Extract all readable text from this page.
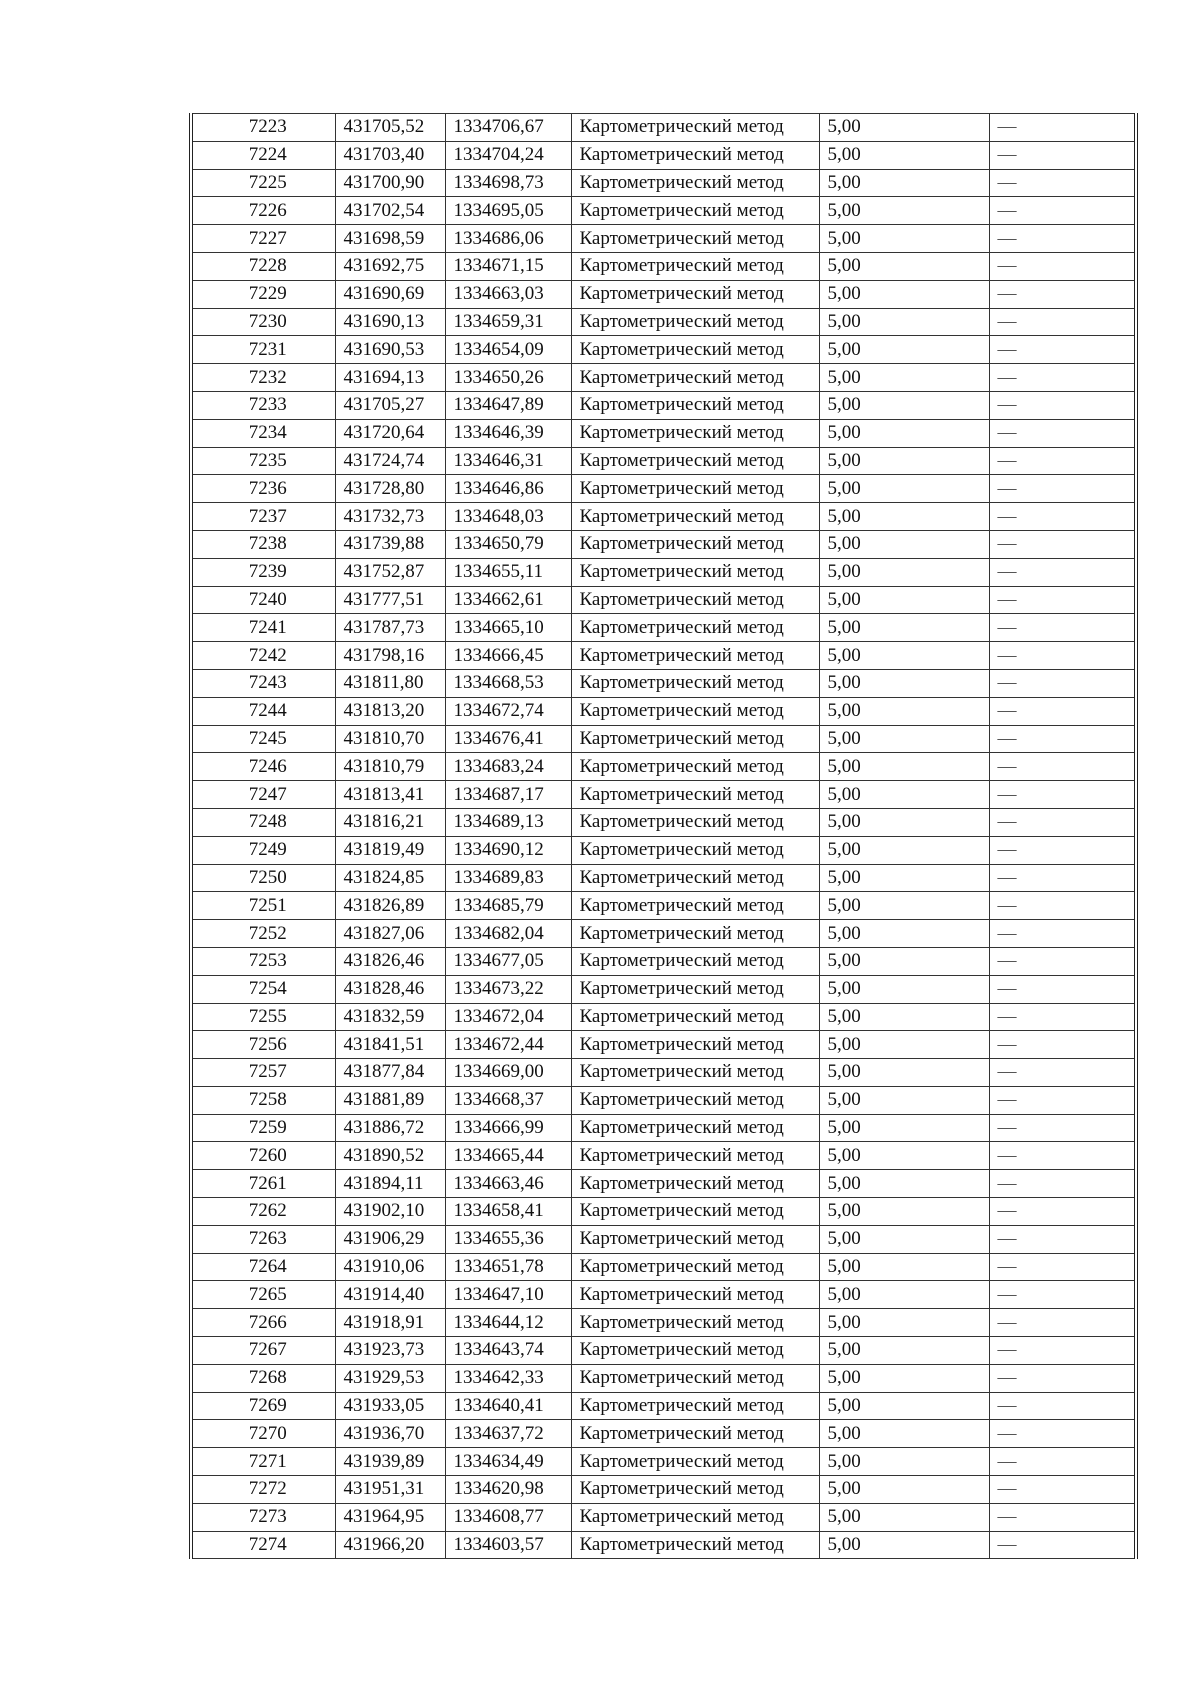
7223	431705,52	1334706,67	Картометрический метод	5,00	—
7224	431703,40	1334704,24	Картометрический метод	5,00	—
7225	431700,90	1334698,73	Картометрический метод	5,00	—
7226	431702,54	1334695,05	Картометрический метод	5,00	—
7227	431698,59	1334686,06	Картометрический метод	5,00	—
7228	431692,75	1334671,15	Картометрический метод	5,00	—
7229	431690,69	1334663,03	Картометрический метод	5,00	—
7230	431690,13	1334659,31	Картометрический метод	5,00	—
7231	431690,53	1334654,09	Картометрический метод	5,00	—
7232	431694,13	1334650,26	Картометрический метод	5,00	—
7233	431705,27	1334647,89	Картометрический метод	5,00	—
7234	431720,64	1334646,39	Картометрический метод	5,00	—
7235	431724,74	1334646,31	Картометрический метод	5,00	—
7236	431728,80	1334646,86	Картометрический метод	5,00	—
7237	431732,73	1334648,03	Картометрический метод	5,00	—
7238	431739,88	1334650,79	Картометрический метод	5,00	—
7239	431752,87	1334655,11	Картометрический метод	5,00	—
7240	431777,51	1334662,61	Картометрический метод	5,00	—
7241	431787,73	1334665,10	Картометрический метод	5,00	—
7242	431798,16	1334666,45	Картометрический метод	5,00	—
7243	431811,80	1334668,53	Картометрический метод	5,00	—
7244	431813,20	1334672,74	Картометрический метод	5,00	—
7245	431810,70	1334676,41	Картометрический метод	5,00	—
7246	431810,79	1334683,24	Картометрический метод	5,00	—
7247	431813,41	1334687,17	Картометрический метод	5,00	—
7248	431816,21	1334689,13	Картометрический метод	5,00	—
7249	431819,49	1334690,12	Картометрический метод	5,00	—
7250	431824,85	1334689,83	Картометрический метод	5,00	—
7251	431826,89	1334685,79	Картометрический метод	5,00	—
7252	431827,06	1334682,04	Картометрический метод	5,00	—
7253	431826,46	1334677,05	Картометрический метод	5,00	—
7254	431828,46	1334673,22	Картометрический метод	5,00	—
7255	431832,59	1334672,04	Картометрический метод	5,00	—
7256	431841,51	1334672,44	Картометрический метод	5,00	—
7257	431877,84	1334669,00	Картометрический метод	5,00	—
7258	431881,89	1334668,37	Картометрический метод	5,00	—
7259	431886,72	1334666,99	Картометрический метод	5,00	—
7260	431890,52	1334665,44	Картометрический метод	5,00	—
7261	431894,11	1334663,46	Картометрический метод	5,00	—
7262	431902,10	1334658,41	Картометрический метод	5,00	—
7263	431906,29	1334655,36	Картометрический метод	5,00	—
7264	431910,06	1334651,78	Картометрический метод	5,00	—
7265	431914,40	1334647,10	Картометрический метод	5,00	—
7266	431918,91	1334644,12	Картометрический метод	5,00	—
7267	431923,73	1334643,74	Картометрический метод	5,00	—
7268	431929,53	1334642,33	Картометрический метод	5,00	—
7269	431933,05	1334640,41	Картометрический метод	5,00	—
7270	431936,70	1334637,72	Картометрический метод	5,00	—
7271	431939,89	1334634,49	Картометрический метод	5,00	—
7272	431951,31	1334620,98	Картометрический метод	5,00	—
7273	431964,95	1334608,77	Картометрический метод	5,00	—
7274	431966,20	1334603,57	Картометрический метод	5,00	—
